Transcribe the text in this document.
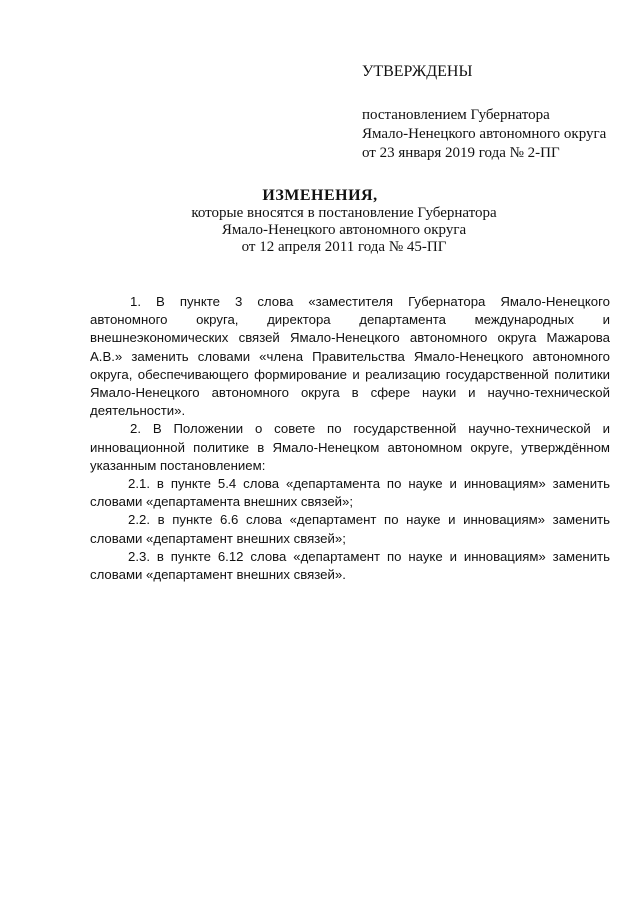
УТВЕРЖДЕНЫ
постановлением Губернатора
Ямало-Ненецкого автономного округа
от 23 января 2019 года № 2-ПГ
ИЗМЕНЕНИЯ,
которые вносятся в постановление Губернатора
Ямало-Ненецкого автономного округа
от 12 апреля 2011 года № 45-ПГ

1. В пункте 3 слова «заместителя Губернатора Ямало-Ненецкого автономного округа, директора департамента международных и внешнеэкономических связей Ямало-Ненецкого автономного округа Мажарова А.В.» заменить словами «члена Правительства Ямало-Ненецкого автономного округа, обеспечивающего формирование и реализацию государственной политики Ямало-Ненецкого автономного округа в сфере науки и научно-технической деятельности».

2. В Положении о совете по государственной научно-технической и инновационной политике в Ямало-Ненецком автономном округе, утверждённом указанным постановлением:

2.1. в пункте 5.4 слова «департамента по науке и инновациям» заменить словами «департамента внешних связей»;

2.2. в пункте 6.6 слова «департамент по науке и инновациям» заменить словами «департамент внешних связей»;

2.3. в пункте 6.12 слова «департамент по науке и инновациям» заменить словами «департамент внешних связей».
